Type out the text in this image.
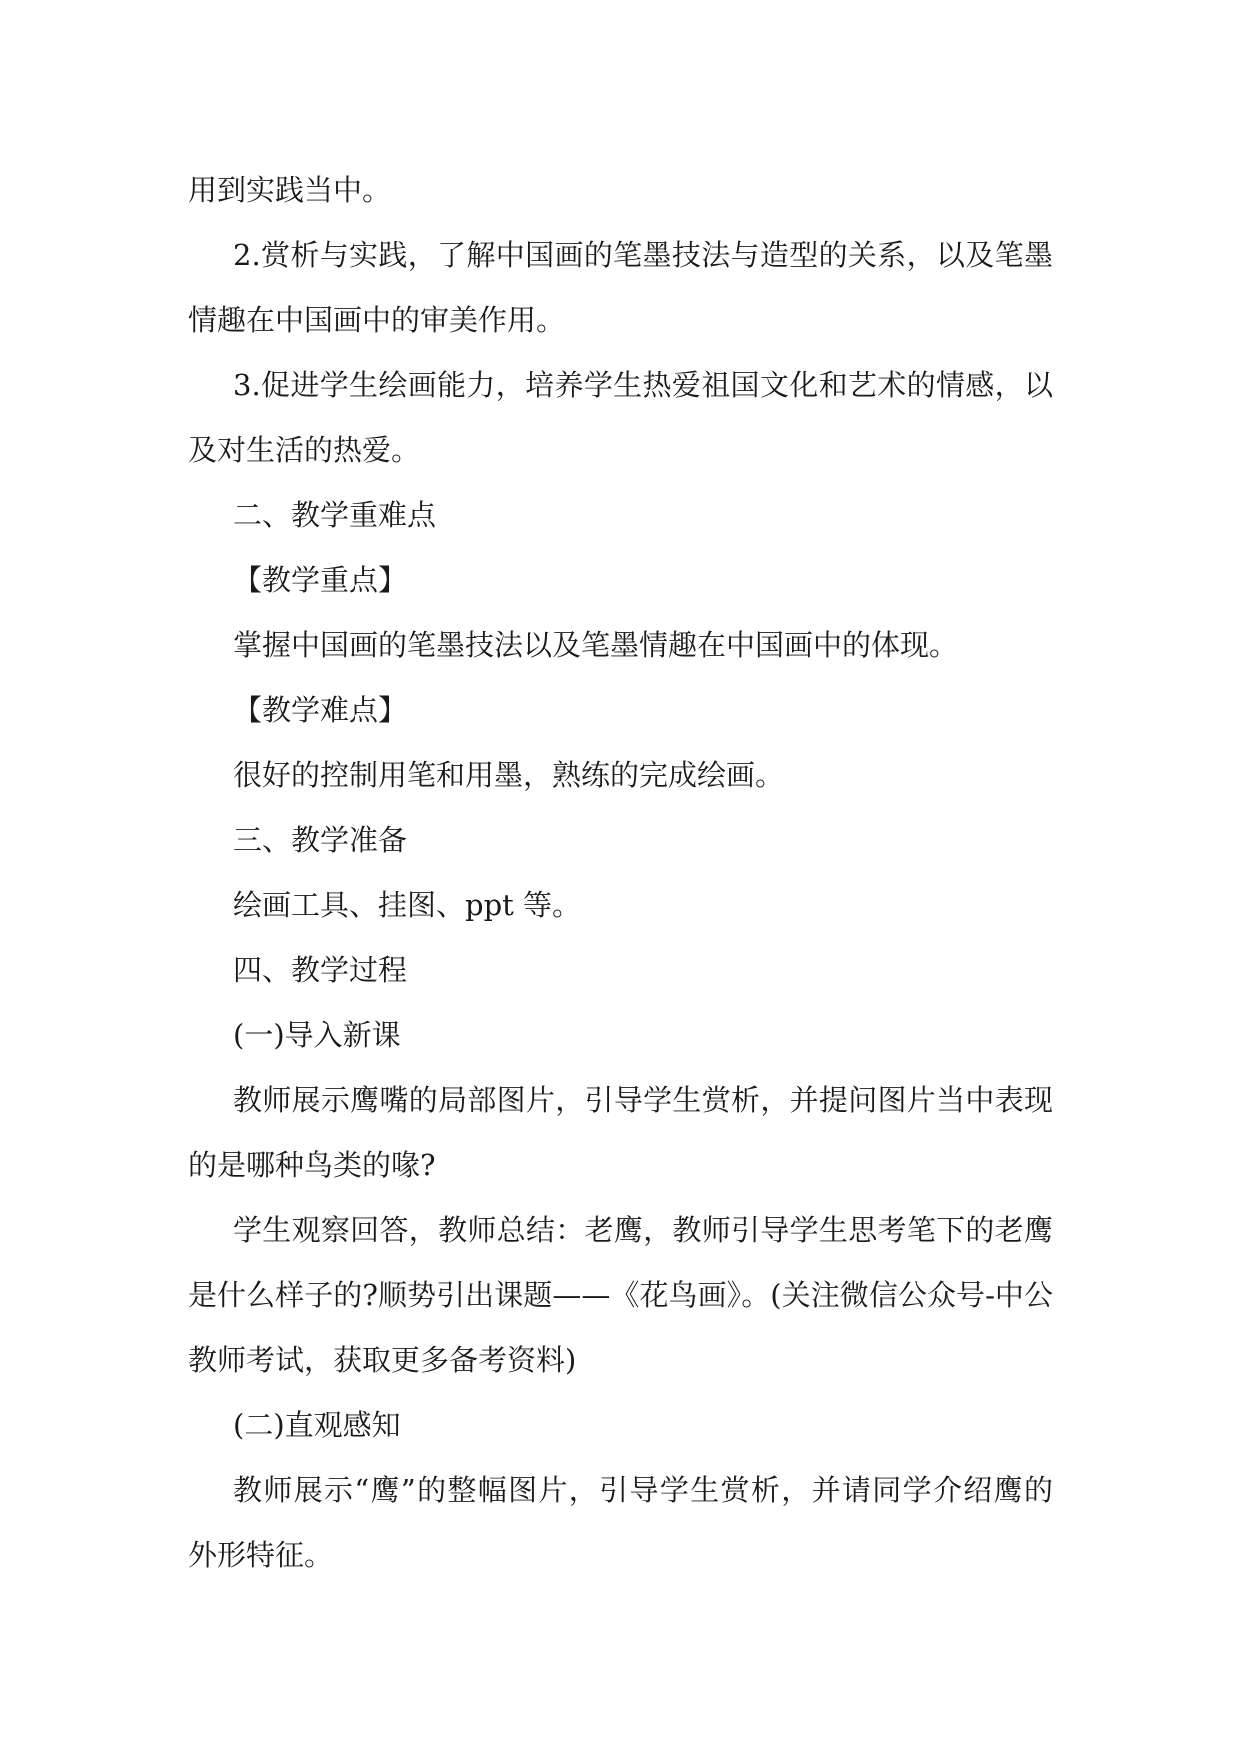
用到实践当中。
2.赏析与实践，了解中国画的笔墨技法与造型的关系，以及笔墨
情趣在中国画中的审美作用。
3.促进学生绘画能力，培养学生热爱祖国文化和艺术的情感，以
及对生活的热爱。
二、教学重难点
【教学重点】
掌握中国画的笔墨技法以及笔墨情趣在中国画中的体现。
【教学难点】
很好的控制用笔和用墨，熟练的完成绘画。
三、教学准备
绘画工具、挂图、ppt 等。
四、教学过程
(一)导入新课
教师展示鹰嘴的局部图片，引导学生赏析，并提问图片当中表现
的是哪种鸟类的喙?
学生观察回答，教师总结：老鹰，教师引导学生思考笔下的老鹰
是什么样子的?顺势引出课题——《花鸟画》。(关注微信公众号-中公
教师考试，获取更多备考资料)
(二)直观感知
教师展示“鹰”的整幅图片，引导学生赏析，并请同学介绍鹰的
外形特征。
